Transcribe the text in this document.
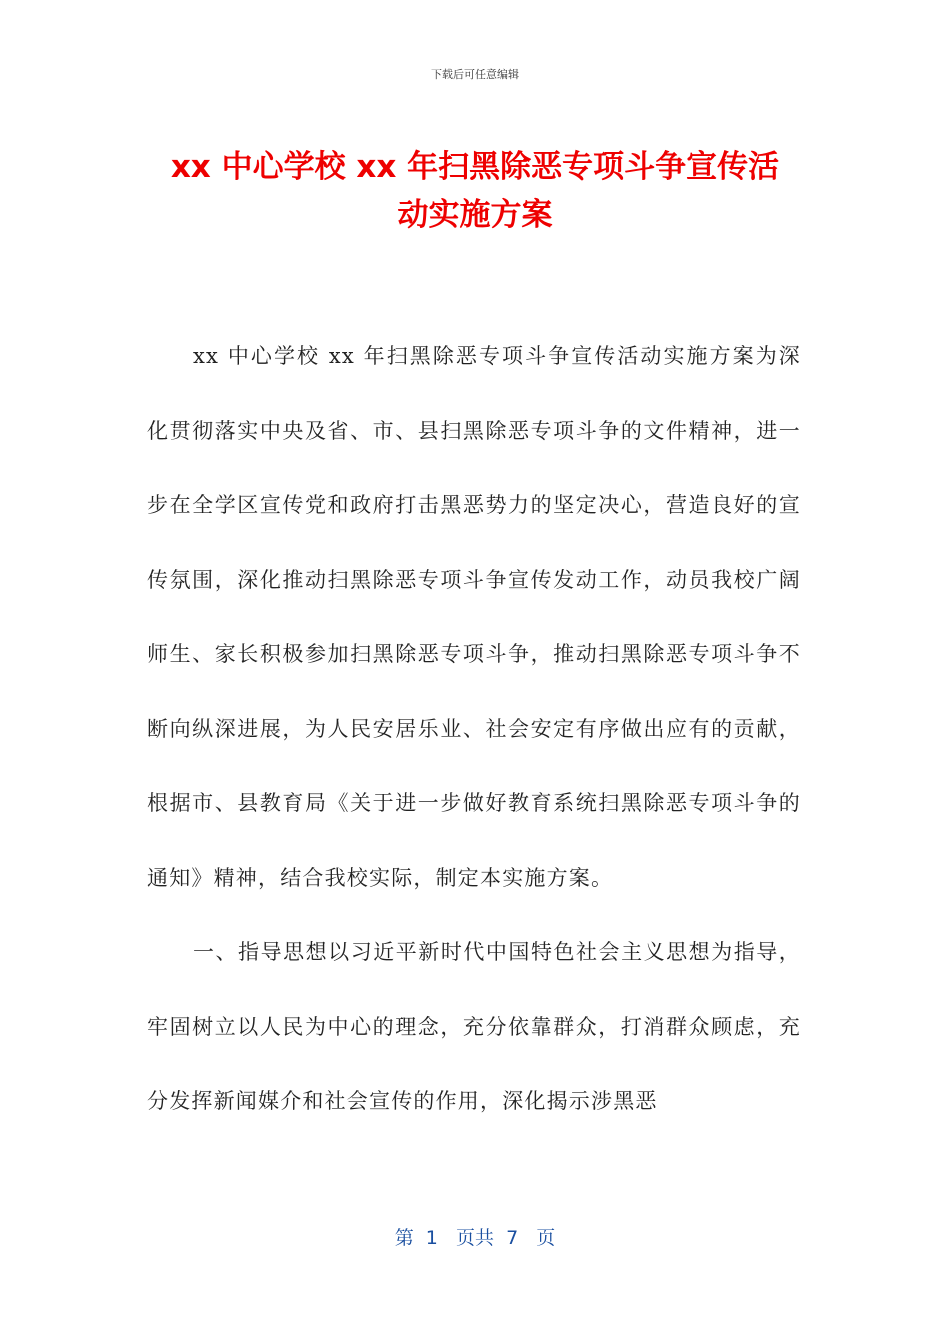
下载后可任意编辑
xx 中心学校 xx 年扫黑除恶专项斗争宣传活
动实施方案

xx 中心学校 xx 年扫黑除恶专项斗争宣传活动实施方案为深化贯彻落实中央及省、市、县扫黑除恶专项斗争的文件精神，进一步在全学区宣传党和政府打击黑恶势力的坚定决心，营造良好的宣传氛围，深化推动扫黑除恶专项斗争宣传发动工作，动员我校广阔师生、家长积极参加扫黑除恶专项斗争，推动扫黑除恶专项斗争不断向纵深进展，为人民安居乐业、社会安定有序做出应有的贡献，根据市、县教育局《关于进一步做好教育系统扫黑除恶专项斗争的通知》精神，结合我校实际，制定本实施方案。

一、指导思想以习近平新时代中国特色社会主义思想为指导，牢固树立以人民为中心的理念，充分依靠群众，打消群众顾虑，充分发挥新闻媒介和社会宣传的作用，深化揭示涉黑恶

第  1   页共  7   页
